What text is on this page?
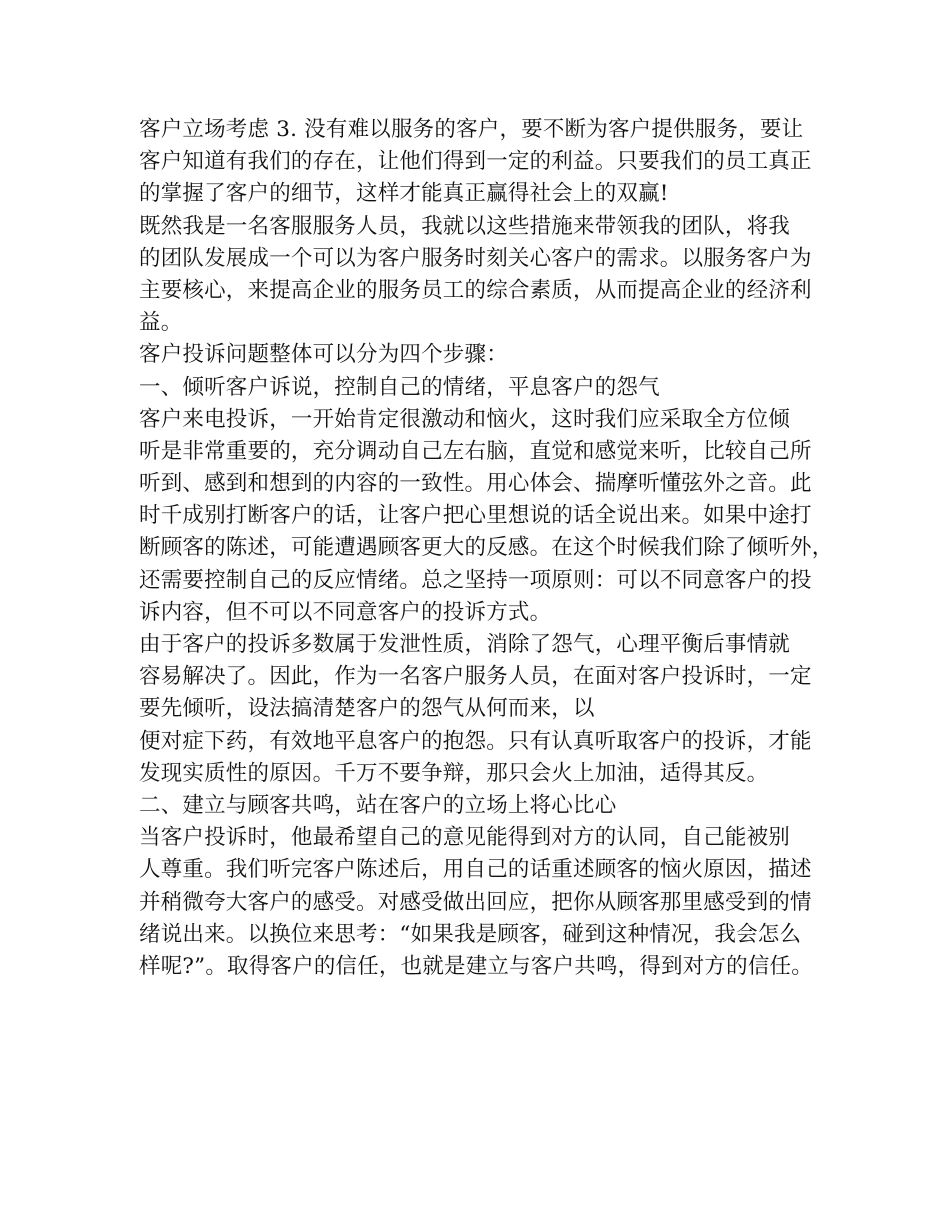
客户立场考虑 3. 没有难以服务的客户，要不断为客户提供服务，要让
客户知道有我们的存在，让他们得到一定的利益。只要我们的员工真正
的掌握了客户的细节，这样才能真正赢得社会上的双赢!
既然我是一名客服服务人员，我就以这些措施来带领我的团队，将我
的团队发展成一个可以为客户服务时刻关心客户的需求。以服务客户为
主要核心，来提高企业的服务员工的综合素质，从而提高企业的经济利
益。
客户投诉问题整体可以分为四个步骤：
一、倾听客户诉说，控制自己的情绪，平息客户的怨气
客户来电投诉，一开始肯定很激动和恼火，这时我们应采取全方位倾
听是非常重要的，充分调动自己左右脑，直觉和感觉来听，比较自己所
听到、感到和想到的内容的一致性。用心体会、揣摩听懂弦外之音。此
时千成别打断客户的话，让客户把心里想说的话全说出来。如果中途打
断顾客的陈述，可能遭遇顾客更大的反感。在这个时候我们除了倾听外，
还需要控制自己的反应情绪。总之坚持一项原则：可以不同意客户的投
诉内容，但不可以不同意客户的投诉方式。
由于客户的投诉多数属于发泄性质，消除了怨气，心理平衡后事情就
容易解决了。因此，作为一名客户服务人员，在面对客户投诉时，一定
要先倾听，设法搞清楚客户的怨气从何而来，以
便对症下药，有效地平息客户的抱怨。只有认真听取客户的投诉，才能
发现实质性的原因。千万不要争辩，那只会火上加油，适得其反。
二、建立与顾客共鸣，站在客户的立场上将心比心
当客户投诉时，他最希望自己的意见能得到对方的认同，自己能被别
人尊重。我们听完客户陈述后，用自己的话重述顾客的恼火原因，描述
并稍微夸大客户的感受。对感受做出回应，把你从顾客那里感受到的情
绪说出来。以换位来思考：“如果我是顾客，碰到这种情况，我会怎么
样呢?”。取得客户的信任，也就是建立与客户共鸣，得到对方的信任。
